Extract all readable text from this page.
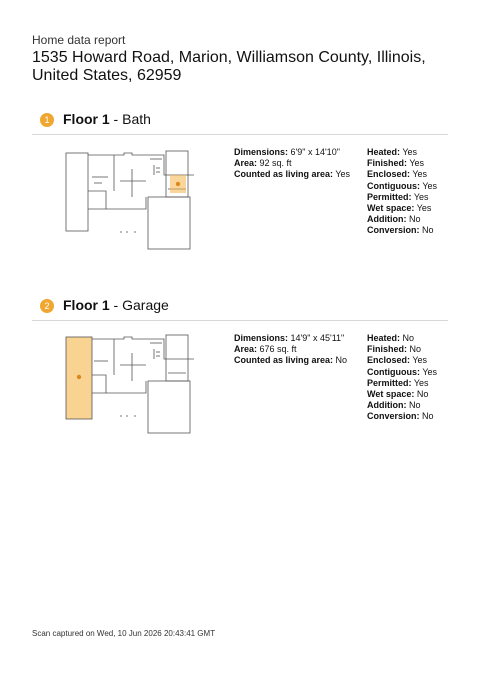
Home data report
1535 Howard Road, Marion, Williamson County, Illinois, United States, 62959
1 Floor 1 - Bath
Dimensions: 6'9" x 14'10"
Area: 92 sq. ft
Counted as living area: Yes
Heated: Yes
Finished: Yes
Enclosed: Yes
Contiguous: Yes
Permitted: Yes
Wet space: Yes
Addition: No
Conversion: No
2 Floor 1 - Garage
Dimensions: 14'9" x 45'11"
Area: 676 sq. ft
Counted as living area: No
Heated: No
Finished: No
Enclosed: Yes
Contiguous: Yes
Permitted: Yes
Wet space: No
Addition: No
Conversion: No
Scan captured on Wed, 10 Jun 2026 20:43:41 GMT
